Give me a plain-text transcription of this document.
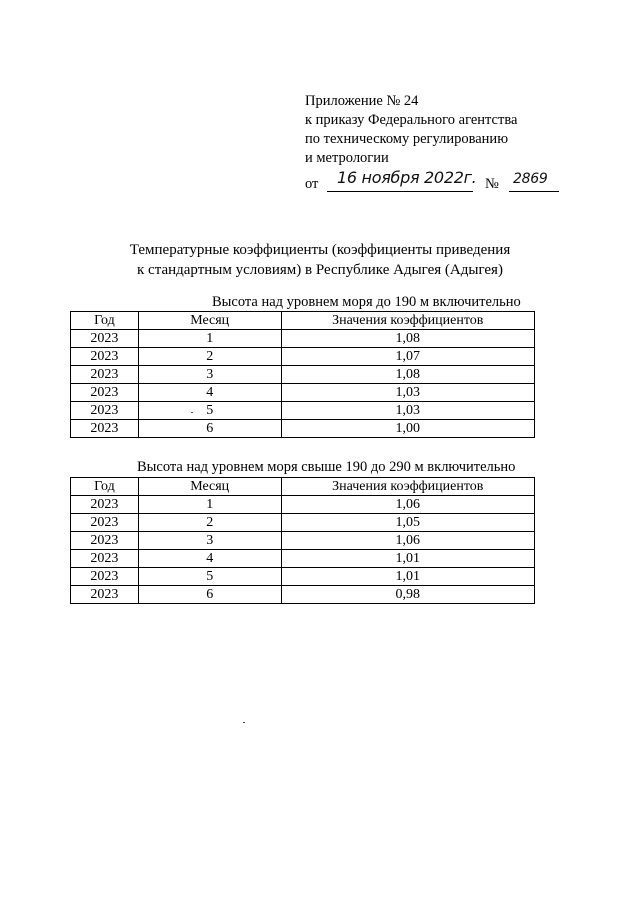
Приложение № 24
к приказу Федерального агентства
по техническому регулированию
и метрологии
от 16 ноября 2022г. № 2869
Температурные коэффициенты (коэффициенты приведения
к стандартным условиям) в Республике Адыгея (Адыгея)
Высота над уровнем моря до 190 м включительно
Год	Месяц	Значения коэффициентов
2023	1	1,08
2023	2	1,07
2023	3	1,08
2023	4	1,03
2023	5	1,03
2023	6	1,00
Высота над уровнем моря свыше 190 до 290 м включительно
Год	Месяц	Значения коэффициентов
2023	1	1,06
2023	2	1,05
2023	3	1,06
2023	4	1,01
2023	5	1,01
2023	6	0,98
